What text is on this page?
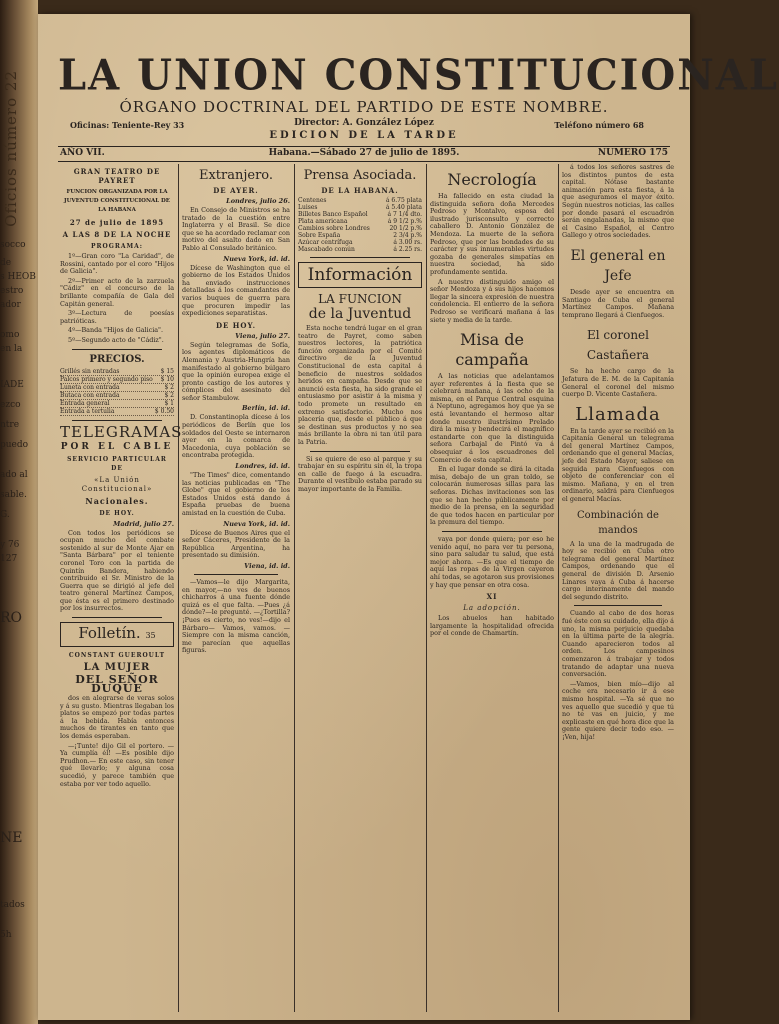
Oficios número 22
socco
de
s HEOB
estro
ador
omo
en la
IADE
ezco
ntre
puedo
ado al
sable.
G.
y 76
127
RO
NE
tados
5h
LA UNION CONSTITUCIONAL
ÓRGANO DOCTRINAL DEL PARTIDO DE ESTE NOMBRE.
Oficinas: Teniente-Rey 33	Director: A. González López	Teléfono número 68
EDICION DE LA TARDE
AÑO VII.	Habana.—Sábado 27 de julio de 1895.	NUMERO 175
GRAN TEATRO DE PAYRET
FUNCION ORGANIZADA POR LA JUVENTUD CONSTITUCIONAL DE LA HABANA
27 de julio de 1895
A LAS 8 DE LA NOCHE
PROGRAMA:

1º—Gran coro "La Caridad", de Rossini, cantado por el coro "Hijos de Galicia".

2º—Primer acto de la zarzuela "Cádiz" en el concurso de la brillante compañía de Gala del Capitán general.

3º—Lectura de poesías patrióticas.

4º—Banda "Hijos de Galicia".

5º—Segundo acto de "Cádiz".

PRECIOS.
Grillés sin entradas	$ 15
Palcos primero y segundo piso $ 10
Luneta con entrada	$ 2
Butaca con entrada	$ 2
Entrada general	$ 1
Entrada a tertulia	$ 0.50
TELEGRAMAS
POR EL CABLE
SERVICIO PARTICULAR DE
«La Unión Constitucional»
Nacionales.
DE HOY.
Madrid, julio 27.

Con todos los periódicos se ocupan mucho del combate sostenido al sur de Monte Ajar en "Santa Bárbara" por el teniente coronel Toro con la partida de Quintín Bandera, habiendo contribuido el Sr. Ministro de la Guerra que se dirigió al jefe del teatro general Martínez Campos, que ésta es el primero destinado por los insurrectos.

Folletín. 35
CONSTANT GUEROULT
LA MUJER
DEL SEÑOR DUQUE

dos en alegrarse de veras solos y á su gusto. Mientras llegaban los platos se empezó por todas partes á la bebida. Había entonces muchos de tirantes en tanto que los demás esperaban.

—¡Tunte! dijo Gil el portero. —Ya cumplía él! —Es posible dijo Prudhon.— En este caso, sin tener qué llevarlo; y alguna cosa sucedió, y parece también que estaba por ver todo aquello.

Extranjero.
DE AYER.
Londres, julio 26.

En Consejo de Ministros se ha tratado de la cuestión entre Inglaterra y el Brasil. Se dice que se ha acordado reclamar con motivo del asalto dado en San Pablo al Consulado británico.

Nueva York, id. id.

Dícese de Washington que el gobierno de los Estados Unidos ha enviado instrucciones detalladas á los comandantes de varios buques de guerra para que procuren impedir las expediciones separatistas.

DE HOY.
Viena, julio 27.

Según telegramas de Sofía, los agentes diplomáticos de Alemania y Austria-Hungría han manifestado al gobierno búlgaro que la opinión europea exige el pronto castigo de los autores y cómplices del asesinato del señor Stambulow.

Berlín, id. id.

D. Constantinopla dícese á los periódicos de Berlín que los soldados del Oeste se internaron ayer en la comarca de Macedonia, cuya población se encontraba protegida.

Londres, id. id.

"The Times" dice, comentando las noticias publicadas en "The Globe" que el gobierno de los Estados Unidos está dando á España pruebas de buena amistad en la cuestión de Cuba.

Nueva York, id. id.

Dícese de Buenos Aires que el señor Cáceres, Presidente de la República Argentina, ha presentado su dimisión.

Viena, id. id.

—Vamos—le dijo Margarita, en mayor,—no ves de buenos chicharros á una fuente dónde quizá es el que falta. —Pues ¿á dónde?—le pregunté. —¿Tortilla? ¡Pues es cierto, no ves!—dijo el Bárbaro— Vamos, vamos. —Siempre con la misma canción, me parecían que aquellas figuras.

Prensa Asociada.
DE LA HABANA.
Centenes	á 6.75 plata
Luises	á 5.40 plata
Billetes Banco Español	á 7 1/4 dto.
Plata americana	á 9 1/2 p.%
Cambios sobre Londres	20 1/2 p.%
Sobre España	2 3/4 p.%
Azúcar centrífuga	á 3.00 rs.
Mascabado común	á 2.25 rs.
Información
LA FUNCION
de la Juventud

Esta noche tendrá lugar en el gran teatro de Payret, como saben nuestros lectores, la patriótica función organizada por el Comité directivo de la Juventud Constitucional de esta capital á beneficio de nuestros soldados heridos en campaña. Desde que se anunció esta fiesta, ha sido grande el entusiasmo por asistir á la misma y todo promete un resultado en extremo satisfactorio. Mucho nos placería que, desde el público á que se destinan sus productos y no sea más brillante la obra ni tan útil para la Patria.

Si se quiere de eso al parque y su trabajar en su espíritu sin él, la tropa en calle de fuego á la escuadra. Durante el vestíbulo estaba parado su mayor importante de la Familia.

Necrología

Ha fallecido en esta ciudad la distinguida señora doña Mercedes Pedroso y Montalvo, esposa del ilustrado jurisconsulto y correcto caballero D. Antonio González de Mendoza. La muerte de la señora Pedroso, que por las bondades de su carácter y sus innumerables virtudes gozaba de generales simpatías en nuestra sociedad, ha sido profundamente sentida.

A nuestro distinguido amigo el señor Mendoza y á sus hijos hacemos llegar la sincera expresión de nuestra condolencia. El entierro de la señora Pedroso se verificará mañana á las siete y media de la tarde.

Misa de campaña

A las noticias que adelantamos ayer referentes á la fiesta que se celebrará mañana, á las ocho de la misma, en el Parque Central esquina á Neptuno, agregamos hoy que ya se está levantando el hermoso altar donde nuestro ilustrísimo Prelado dirá la misa y bendecirá el magnífico estandarte con que la distinguida señora Carbajal de Pintó va á obsequiar á los escuadrones del Comercio de esta capital.

En el lugar donde se dirá la citada misa, debajo de un gran toldo, se colocarán numerosas sillas para las señoras. Dichas invitaciones son las que se han hecho públicamente por medio de la prensa, en la seguridad de que todos hacen en particular por la premura del tiempo.

vaya por donde quiera; por eso he venido aquí, no para ver tu persona, sino para saludar tu salud, que está mejor ahora. —Es que el tiempo de aquí las ropas de la Virgen cayeron ahí todas, se agotaron sus provisiones y hay que pensar en otra cosa.

XI
La adopción.

Los abuelos han habitado largamente la hospitalidad ofrecida por el conde de Chamartín.

á todos los señores sastres de los distintos puntos de esta capital. Nótase bastante animación para esta fiesta, á la que aseguramos el mayor éxito. Según nuestros noticias, las calles por donde pasará el escuadrón serán engalanadas, la mismo que el Casino Español, el Centro Gallego y otros sociedades.

El general en Jefe

Desde ayer se encuentra en Santiago de Cuba el general Martínez Campos. Mañana temprano llegará á Cienfuegos.

El coronel Castañera

Se ha hecho cargo de la Jefatura de E. M. de la Capitanía General el coronel del mismo cuerpo D. Vicente Castañera.

Llamada

En la tarde ayer se recibió en la Capitanía General un telegrama del general Martínez Campos, ordenando que el general Macías, jefe del Estado Mayor, saliese en seguida para Cienfuegos con objeto de conferenciar con el mismo. Mañana, y en el tren ordinario, saldrá para Cienfuegos el general Macías.

Combinación de mandos

A la una de la madrugada de hoy se recibió en Cuba otro telegrama del general Martínez Campos, ordenando que el general de división D. Arsenio Linares vaya á Cuba á hacerse cargo interinamente del mando del segundo distrito.

Cuando al cabo de dos horas fué éste con su cuidado, ella dijo á uno, la misma perjuicio quedaba en la última parte de la alegría. Cuando aparecieron todos al orden. Los campesinos comenzaron á trabajar y todos tratando de adaptar una nueva conversación.

—Vamos, bien mío—dijo al coche era necesario ir á ese mismo hospital. —Ya sé que no ves aquello que sucedió y que tú no te vas en juicio, y me explicaste en qué hora dice que la gente quiere decir todo eso. —¡Ven, hija!
